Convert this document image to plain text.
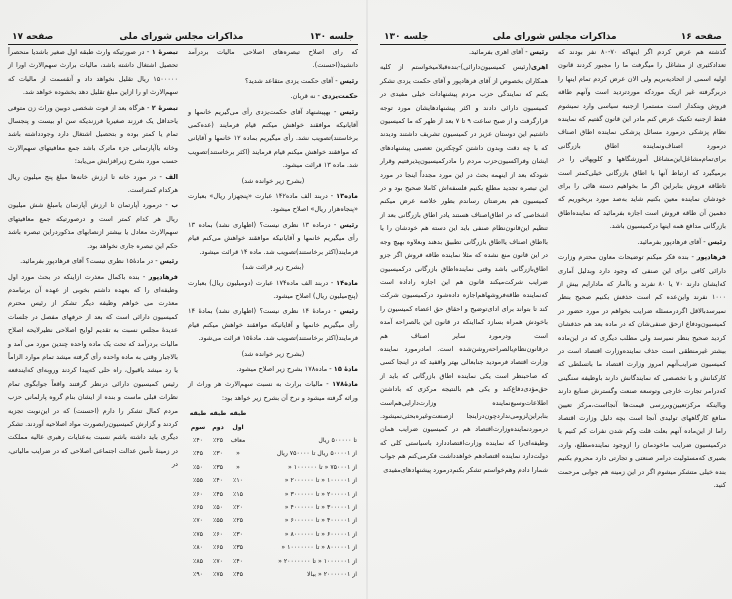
جلسه ۱۳۰
مذاکرات مجلس شورای ملی
صفحه ۱۷

که رای اصلاح تبصره‌های اصلاحی مالیات بردرآمد دانشید(احسنت).

رئیس - آقای حکمت یزدی متقاعد شدید؟

حکمت‌یزدی - نه قربان.

رئیس - بهپیشنهاد آقای حکمت‌یزدی رأی می‌گیریم خانمها و آقایانیکه موافقند خواهش میکنم قیام فرمایند (عده‌کمی برخاستند)تصویب نشد. رأی میگیریم بماده ۱۲ خانمها و آقایانی که موافقند خواهش میکنم قیام فرمایند (اکثر برخاستند)تصویب شد. ماده ۱۳ قرائت میشود.

(بشرح زیر خوانده شد)

ماده۱۳ - دربند الف ماده۱۴۲ عبارت «پنجهزار ریال» بعبارت «پنجاه‌هزار ریال» اصلاح میشود.

رئیس - درماده ۱۳ نظری نیست؟ (اظهاری نشد) بماده ۱۳ رأی میگیریم خانمها و آقایانیکه موافقند خواهش می‌کنم قیام فرمایند(اکثر برخاستند)تصویب شد. ماده ۱۴ قرائت میشود.

(بشرح زیر قرائت شد)

ماده۱۴ - دربند الف ماده۱۷۴ عبارت (دومیلیون ریال) بعبارت (پنج‌میلیون ریال) اصلاح میشود.

رئیس - درمادهٔ ۱۴ نظری نیست؟ (اظهاری نشد) بمادهٔ ۱۴ رأی میگیریم خانمها و آقایانیکه موافقند خواهش میکنم قیام فرمایند(اکثر برخاستند)تصویب شد. مادهٔ۱۵ قرائت می‌شود.

(بشرح زیر خوانده شد)

مادهٔ ۱۵ - ماده۱۷۸ بشرح زیر اصلاح میشود.

مادهٔ۱۷۸ - مالیات برارث به نسبت سهم‌الارث هر وراث از وراثه گرفته میشود و نرخ آن بشرح زیر خواهد بود:

	طبقه اول	طبقه دوم	طبقه سوم
تا ۵۰۰۰۰۰ ریال	معاف	٪۲۵	٪۴۰
از ۵۰۰۰۰۱ ریال تا ۷۵۰۰۰۰ ریال	«	٪۳۰	٪۴۵
از ۷۵۰۰۰۱ « تا ۱۰۰۰۰۰۰ «	«	٪۳۵	٪۵۰
از ۱۰۰۰۰۰۱ « تا ۲۰۰۰۰۰۰ «	٪۱۰	٪۴۰	٪۵۵
از ۲۰۰۰۰۰۱ « تا ۳۰۰۰۰۰۰ «	٪۱۵	٪۴۵	٪۶۰
از ۳۰۰۰۰۰۱ « تا ۴۰۰۰۰۰۰ «	٪۲۰	٪۵۰	٪۶۵
از ۴۰۰۰۰۰۱ « تا ۶۰۰۰۰۰۰ «	٪۲۵	٪۵۵	٪۷۰
از ۶۰۰۰۰۰۱ « تا ۸۰۰۰۰۰۰ «	٪۳۰	٪۶۰	٪۷۵
از ۸۰۰۰۰۰۱ « تا ۱۰۰۰۰۰۰۰ «	٪۳۵	٪۶۵	٪۸۰
از ۱۰۰۰۰۰۰۱ « تا ۲۰۰۰۰۰۰۰ «	٪۴۰	٪۷۰	٪۸۵
از ۲۰۰۰۰۰۰۱ « ببالا	٪۴۵	٪۷۵	٪۹۰

تبصرهٔ ۱ - در صورتیکه وارث طبقه اول صغیر باشدیا منحصراً تحصیل اشتغال داشته باشد، مالیات برارث سهم‌الارث اورا از ۱۵۰۰۰۰۰ ریال تقلیل نخواهد داد و آنقسمت از مالیات که سهم‌الارث او را ازاین مبلغ تقلیل دهد بخشوده خواهد شد.

تبصرهٔ ۲ - هرگاه بعد از فوت شخصی دوبین وراث زن متوفی یاحداقل یک فرزند صغیریا فرزندیکه سن او بیست و پنجسال تمام یا کمتر بوده و بتحصیل اشتغال دارد وجودداشته باشد وخانه یاآپارتمانی جزء ماترک باشد جمع معافیتهای سهم‌الارث حسب مورد بشرح زیرافزایش می‌یابد:

الف - در مورد خانه تا ارزش خانه‌ها مبلغ پنج میلیون ریال هرکدام کمتراست.

ب - درمورد آپارتمان تا ارزش آپارتمان یامبلغ شش میلیون ریال هر کدام کمتر است و درصورتیکه جمع معافیتهای سهم‌الارث معادل یا بیشتر ازنصابهای مذکوردراین تبصره باشد حکم این تبصره جاری نخواهد بود.

رئیس - در مادهٔ۱۵ نظری نیست؟ آقای فرهادپور بفرمائید.

فرهادپور - بنده باکمال معذرت ازاینکه در بحث مورد اول وظیفه‌ای را که بعهده داشتم بخوبی از عهده آن برنیامدم معذرت می خواهم وظیفه دیگر تشکر از رئیس محترم کمیسیون دارائی است که بعد از حرفهای مفصل در جلسات عدیدهٔ مجلس نسبت به تقدیم لوایح اصلاحی نظیرلایحه اصلاح مالیات بردرآمد که تحت یک ماده واحده چندین مورد می آمد و بالاجبار وقتی به ماده واحده رأی گرفته میشد تمام موارد الزاماً یا رد میشد یاقبول، راه حلی که‌پیدا کردند وروبه‌ای که‌ایندفعه رئیس کمیسیون دارائی درنظر گرفتند واقعاً جوابگوی تمام نظرات قبلی ماست و بنده از ایشان بنام گروه پارلمانی حزب مردم کمال تشکر را دارم (احسنت) که در این‌نوبت تجزیه کردند و گزارش کمیسیون‌رابصورت مواد اصلاحیه آوردند. تشکر دیگری باید داشته باشم نسبت به‌عنایات رهبری عالیه مملکت در زمینهٔ تأمین عدالت اجتماعی اصلاحی که در ضرایب مالیاتی، در

صفحه ۱۶
مذاکرات مجلس شورای ملی
جلسه ۱۳۰

گذشته هم عرض کردم اگر اینهاکه ۷۰-۸۰ نفر بودند که تعدادکثیری از مشاغل را میگرفت ما را مجبور کردند قانون اولیه اسمی از اتحادیه‌بریم ولی الان عرض کردم تمام اینها را دربرگرفته غیر ازیک موردکه موردتردید است وآنهم طاقه فروش وبنکدار است مستمرا ازجنبه سیاسی وارد نمیشوم فقط ازجنبه تکنیک عرض کنم مادر این قانون گفتیم که نماینده نظام پزشکی درمورد مسائل پزشکی نماینده اطاق اصناف درمورد اصناف‌ونماینده اطاق بازرگانی برای‌تمام‌مشاغل‌این‌مشاغل آموزشگاهها و کلوپهائی را در برمیگیرد که ارتباط آنها با اطاق بازرگانی خیلی‌کمتر است تاطاقه فروش بنابراین اگر ما بخواهیم دسته هائی را برای خودشان نماینده معین بکنیم شاید به‌صد مورد بربخوریم که دهمین آن طاقه فروش است اجازه بفرمائید که نماینده‌اطاق بازرگانی مدافع همه اینها درکمیسیون باشد.

رئیس - آقای فرهادپور بفرمائید.

فرهادپور - بنده فکر میکنم توضیحات معاون محترم وزارت دارائی کافی برای این صنفی که وجود دارد وبدلیل آماری که‌ایشان دارند ۷۰ یا ۸۰ نفرند و باآمار که مادارایم بیش از ۱۰۰۰ نفرند واین‌عده کم است حذفش بکنیم صحیح بنظر نمیرسدبالاقل اگردرمسئله ضرایب بخواهم در مورد حضور در کمیسیون‌ودفاع ازحق صنفی‌شان که در ماده بعد هم حذفشان کردید صحیح بنظر نمیرسد ولی مطلب دیگری که در این‌ماده بیشتر غیرمنطقی است حذف نماینده‌وزارت اقتصاد است در کمیسیون ضرایب‌آنهم امروز وزارت اقتصاد ما باتسلطی که کارکنانش و با تخصصی که نمایندگانش دارند باوظیفه سنگینی که‌درامر تجارت خارجی وتوسعه صنعت وگسترش صنایع دارند وبااینکه مرکز‌تعیین‌وبررسی قیمت‌ها آنجااست،مرکز تعیین منافع کارگاههای تولیدی آنجا است بچه دلیل وزارت اقتصاد راما از این‌ماده آنهم بعلت قلت وکم شدن نفرات کم کنیم یا درکمیسیون ضرایب ماخودمان را ازوجود نماینده‌مطلع، وارد، بصیری که‌مسئولیت درامر صنعتی و تجارتی دارد محروم بکنیم بنده خیلی متشکر میشوم اگر در این زمینه هم جوابی مرحمت کنید.

رئیس - آقای اهری بفرمائید.

اهری(رئیس کمیسیون‌دارائی)-بنده‌قبلا‌میخواستم از کلیه همکاران بخصوص از آقای فرهادپور و آقای حکمت یزدی تشکر بکنم که نمایندگی حزب مردم پیشنهادات خیلی مفیدی در کمیسیون دارائی دادند و اکثر پیشنهادهایشان مورد توجه قرارگرفت و از صبح ساعت ۹ تا ۷ بعد از ظهر که ما کمیسیون داشتیم این دوستان عزیز در کمیسیون‌ تشریف داشتند ودیدند که با چه دقت وبدون داشتن کوچکترین تعصبی پیشنهادهای ایشان وفراکسیون‌حزب مردم را مادرکمیسیون‌پذیرفتیم وقرار شودکه بعد از اینهمه بحث در این مورد مجدداً اینجا در مورد این تبصره تجدید مطلع بکنیم فلسفه‌اش کاملا صحیح بود و در کمیسیون هم بعرضتان رساندم بطور خلاصه عرض میکنم اشخاصی که در اطاق‌اصناف هستند یادر اطاق بازرگانی بعد از تنظیم این‌قانون‌نظام صنفی باید این دسته هم خودشان را یا بااطاق اصناف یااطاق بازرگانی تطبیق بدهند وبعلاوه بهیچ وجه در این قانون منع نشده که مثلا نماینده طاقه فروش اگر جزو اطاق‌بازرگانی باشد وقتی نماینده‌اطاق بازرگانی درکمیسیون ضرایب شرکت‌میکند قانون هم این اجازه راداده است که‌نماینده طاقه‌فروشها‌هم‌اجازه داده‌شود درکمیسیون شرکت کند تا بتواند برای ادای‌توضیح و احقاق حق اعضاء کمیسیون را باخودش همراه بسازد کمااینکه در قانون این بالصراحه آمده است ودرمورد سایر اصناف هم درقانون‌نظام‌بالصراحه‌روشن‌شده است. امادرمورد نماینده وزارت اقتصاد فرمودید جنابعالی بهتر واقفید که در اینجا کسی که صاحبنظر است یکی نماینده اطاق بازرگانی که باید از حق‌مؤدی‌دفاع‌کند و یکی هم بالنتیجه مرکزی که باداشتن اطلاعات‌وسیع‌نماینده وزارت‌دارایی‌هم‌است بنابراین‌لزومی‌ندارد‌چون‌در‌اینجا ازصنعت‌وغیره‌بحثی‌نمیشود. درمورد‌نماینده‌وزارت‌اقتصاد هم در کمیسیون ضرایب همان وظیفه‌ای‌را که نماینده وزارت‌اقتصاددارد باسیاستی کلی که دولت‌دارد نماینده اقتصادهم خواهدداشت فکرمی‌کنم هم جواب شمارا دادم وهم‌خواستم تشکر بکنم‌درمورد پیشنهادهای‌مفیدی
